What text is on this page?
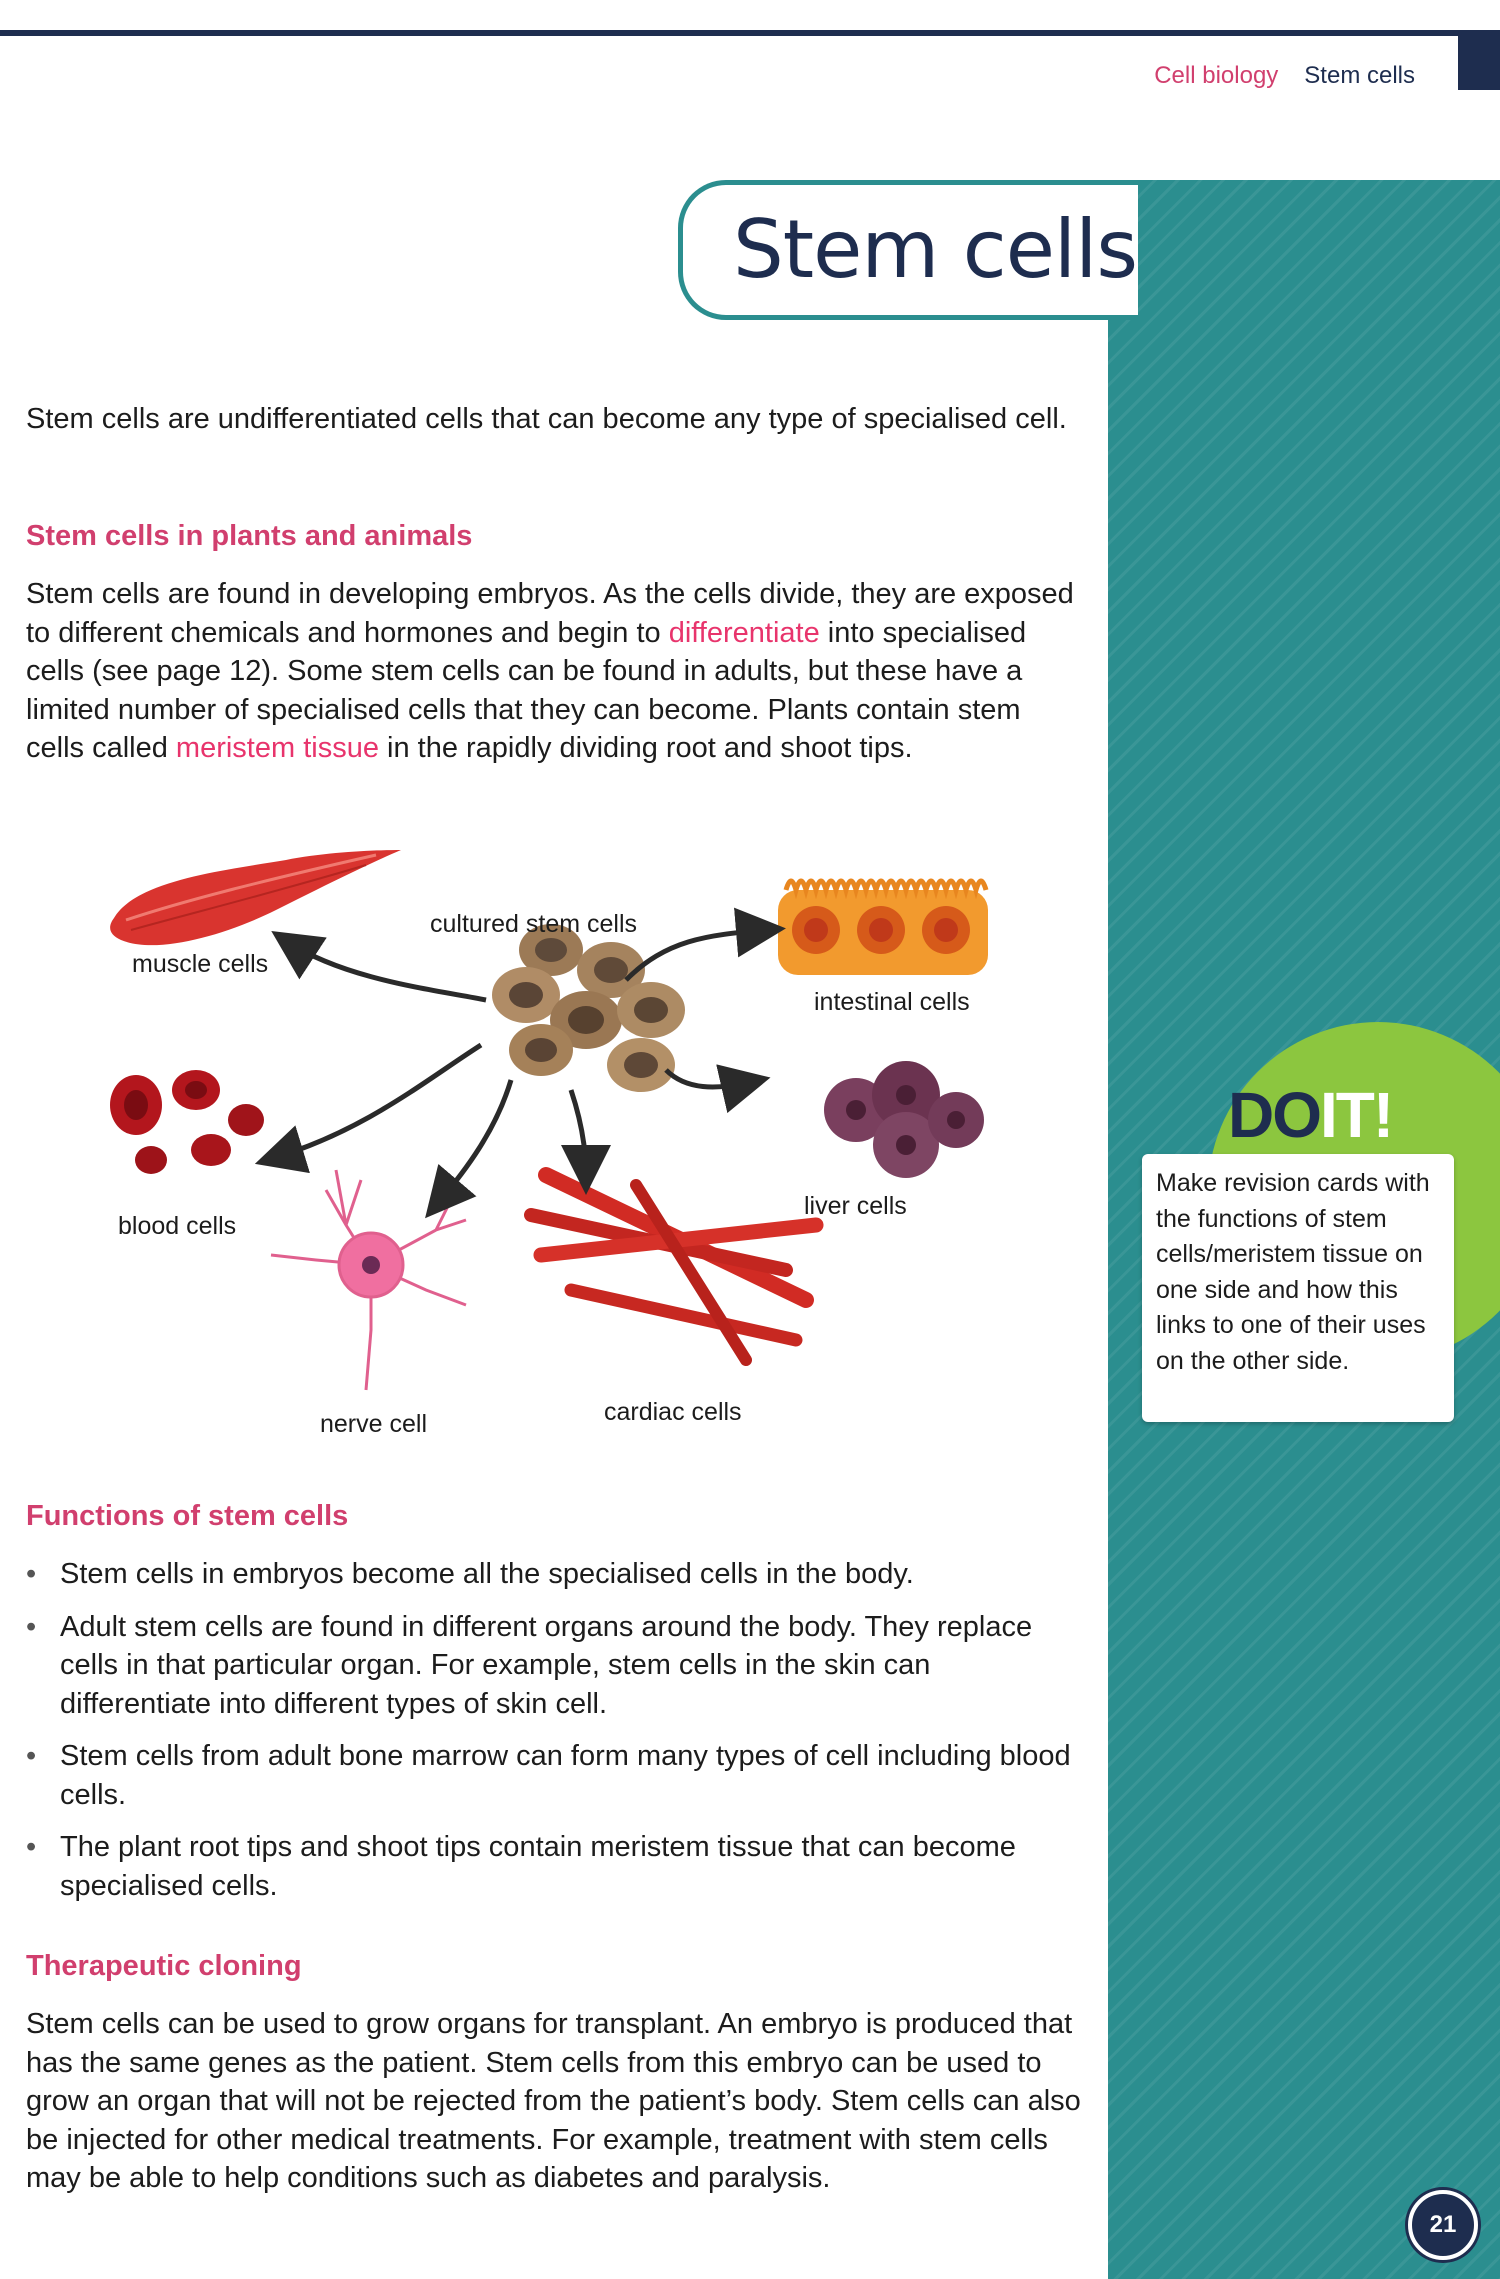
Cell biology Stem cells
Stem cells

Stem cells are undifferentiated cells that can become any type of specialised cell.

Stem cells in plants and animals

Stem cells are found in developing embryos. As the cells divide, they are exposed to different chemicals and hormones and begin to differentiate into specialised cells (see page 12). Some stem cells can be found in adults, but these have a limited number of specialised cells that they can become. Plants contain stem cells called meristem tissue in the rapidly dividing root and shoot tips.

cultured stem cells
muscle cells
intestinal cells
blood cells
liver cells
nerve cell	cardiac cells

Functions of stem cells

• Stem cells in embryos become all the specialised cells in the body.
• Adult stem cells are found in different organs around the body. They replace cells in that particular organ. For example, stem cells in the skin can differentiate into different types of skin cell.
• Stem cells from adult bone marrow can form many types of cell including blood cells.
• The plant root tips and shoot tips contain meristem tissue that can become specialised cells.

Therapeutic cloning

Stem cells can be used to grow organs for transplant. An embryo is produced that has the same genes as the patient. Stem cells from this embryo can be used to grow an organ that will not be rejected from the patient’s body. Stem cells can also be injected for other medical treatments. For example, treatment with stem cells may be able to help conditions such as diabetes and paralysis.

DOIT!

Make revision cards with the functions of stem cells/meristem tissue on one side and how this links to one of their uses on the other side.

21
